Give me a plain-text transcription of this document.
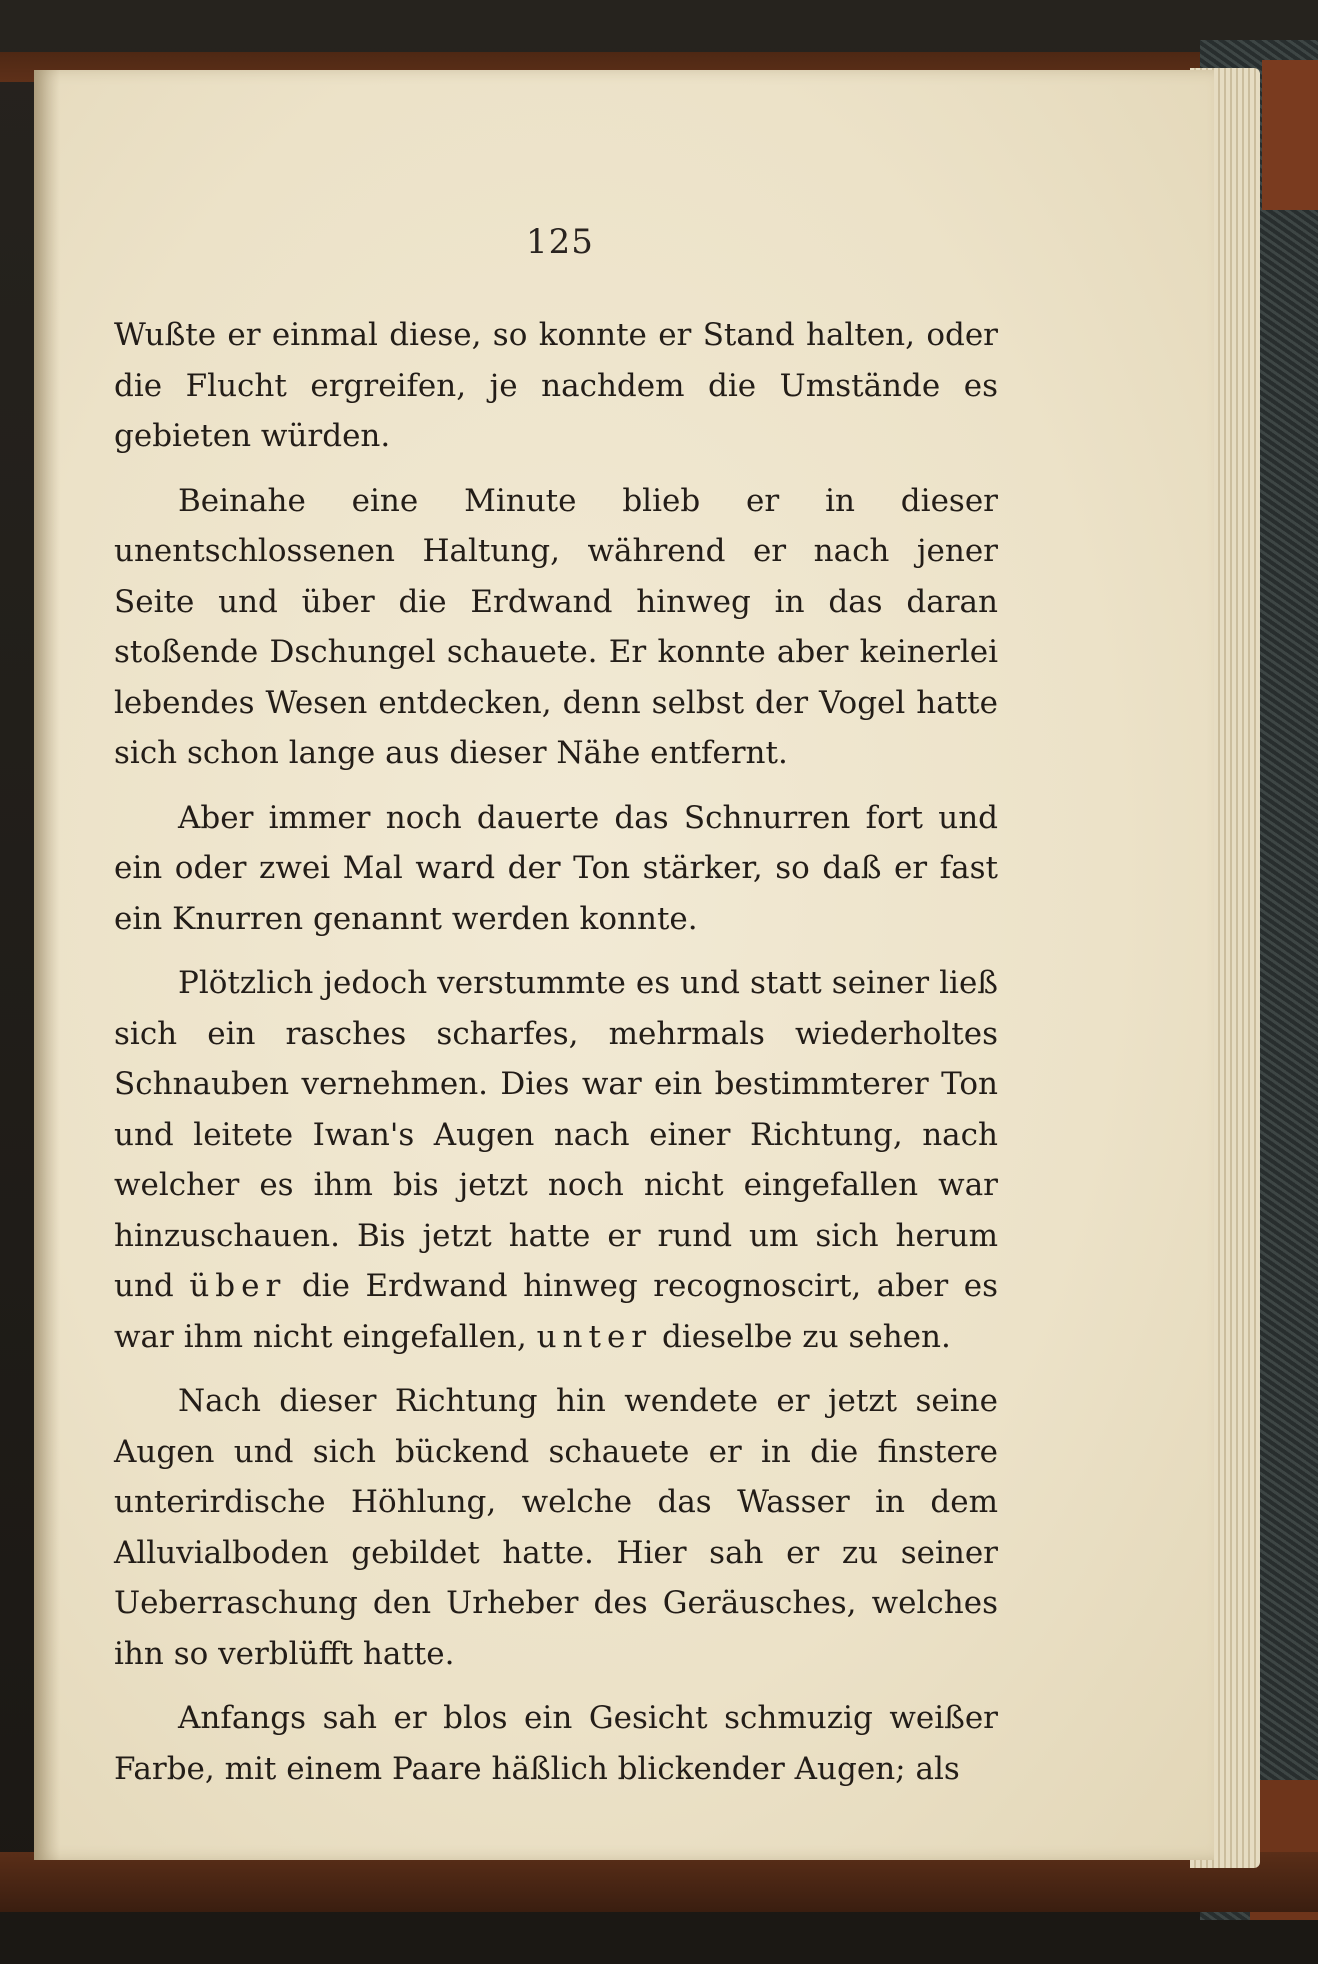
125

Wußte er einmal diese, so konnte er Stand halten, oder die Flucht ergreifen, je nachdem die Umstände es gebieten würden.

Beinahe eine Minute blieb er in dieser unentschlossenen Haltung, während er nach jener Seite und über die Erdwand hinweg in das daran stoßende Dschungel schauete. Er konnte aber keinerlei lebendes Wesen entdecken, denn selbst der Vogel hatte sich schon lange aus dieser Nähe entfernt.

Aber immer noch dauerte das Schnurren fort und ein oder zwei Mal ward der Ton stärker, so daß er fast ein Knurren genannt werden konnte.

Plötzlich jedoch verstummte es und statt seiner ließ sich ein rasches scharfes, mehrmals wiederholtes Schnauben vernehmen. Dies war ein bestimmterer Ton und leitete Iwan's Augen nach einer Richtung, nach welcher es ihm bis jetzt noch nicht eingefallen war hinzuschauen. Bis jetzt hatte er rund um sich herum und über die Erdwand hinweg recognoscirt, aber es war ihm nicht eingefallen, unter dieselbe zu sehen.

Nach dieser Richtung hin wendete er jetzt seine Augen und sich bückend schauete er in die finstere unterirdische Höhlung, welche das Wasser in dem Alluvialboden gebildet hatte. Hier sah er zu seiner Ueberraschung den Urheber des Geräusches, welches ihn so verblüfft hatte.

Anfangs sah er blos ein Gesicht schmuzig weißer Farbe, mit einem Paare häßlich blickender Augen; als
